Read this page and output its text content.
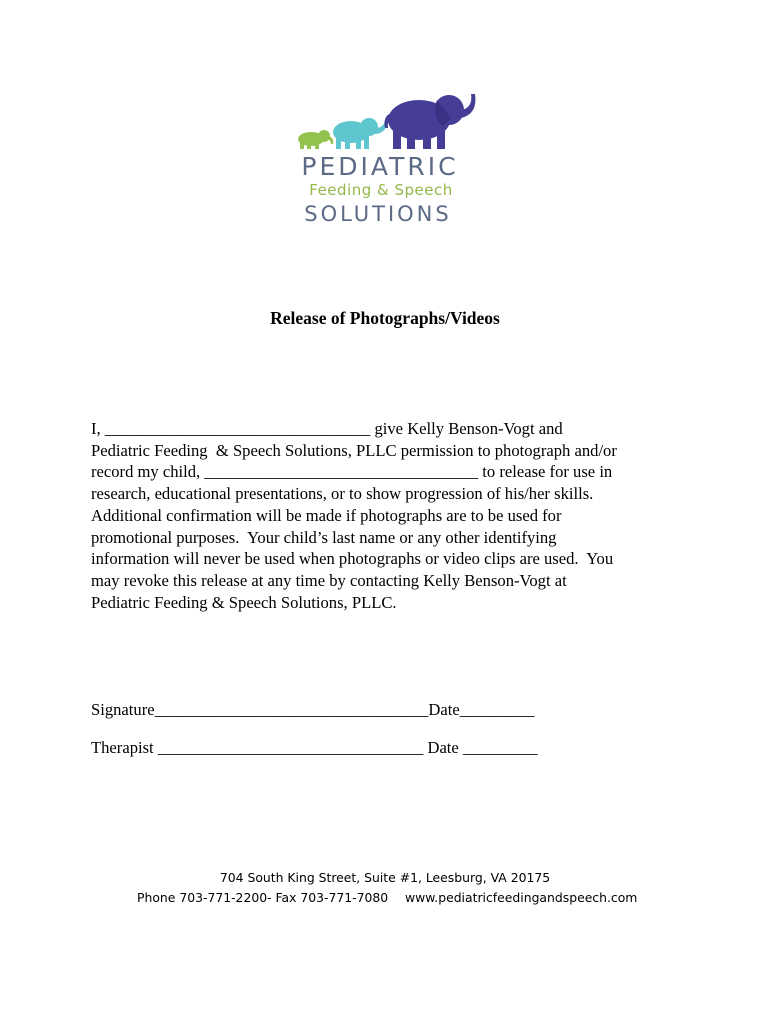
PEDIATRIC
Feeding & Speech
SOLUTIONS
Release of Photographs/Videos
I, ________________________________ give Kelly Benson-Vogt and
Pediatric Feeding  & Speech Solutions, PLLC permission to photograph and/or
record my child, _________________________________ to release for use in
research, educational presentations, or to show progression of his/her skills.
Additional confirmation will be made if photographs are to be used for
promotional purposes.  Your child’s last name or any other identifying
information will never be used when photographs or video clips are used.  You
may revoke this release at any time by contacting Kelly Benson-Vogt at
Pediatric Feeding & Speech Solutions, PLLC.
Signature_________________________________Date_________
Therapist ________________________________ Date _________
704 South King Street, Suite #1, Leesburg, VA 20175
Phone 703-771-2200- Fax 703-771-7080 www.pediatricfeedingandspeech.com
